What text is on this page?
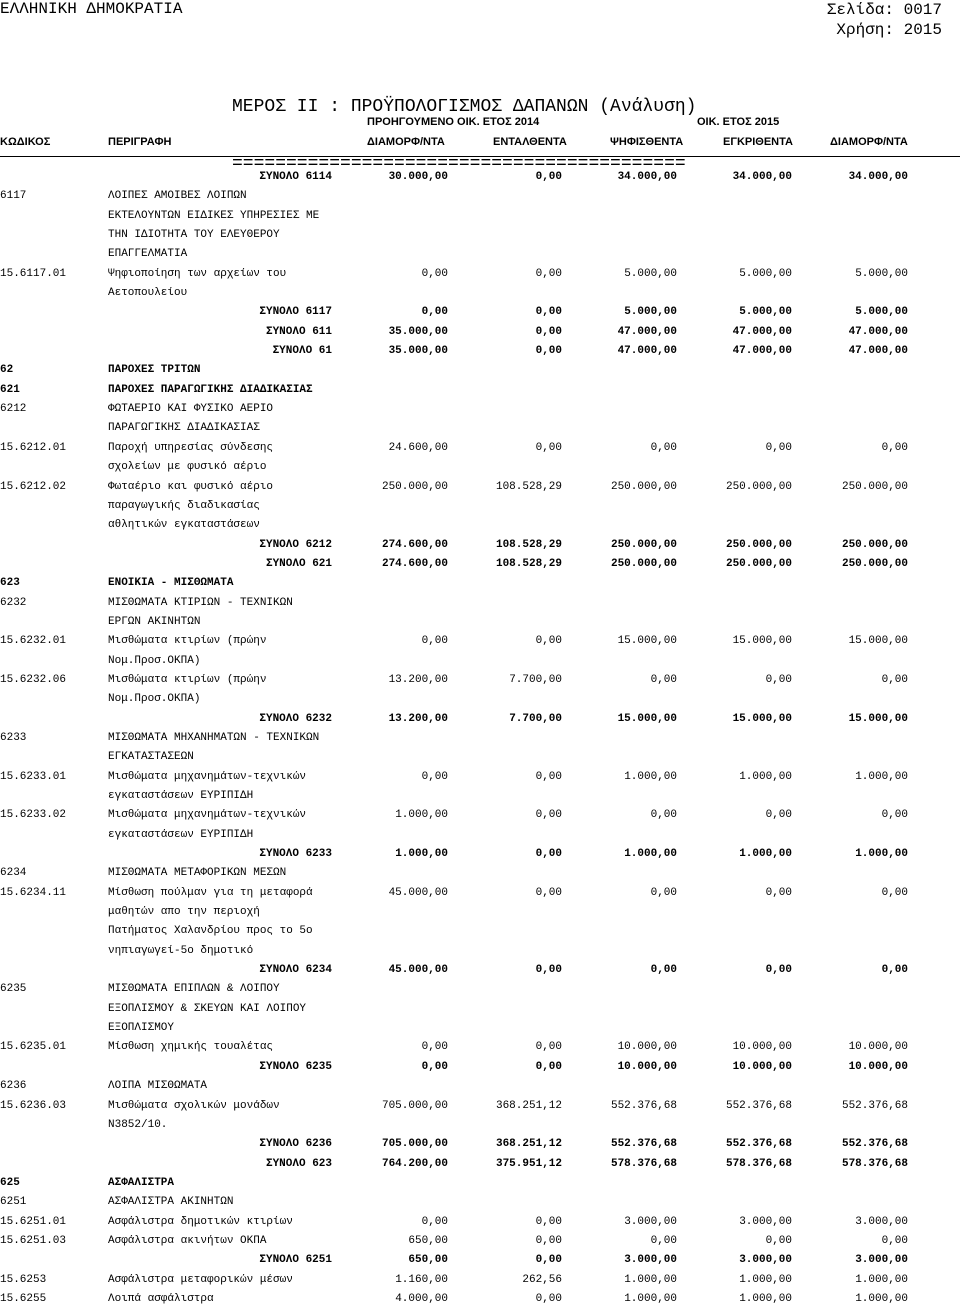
ΕΛΛΗΝΙΚΗ ΔΗΜΟΚΡΑΤΙΑ	Σελίδα: 0017
Χρήση: 2015

ΜΕΡΟΣ ΙΙ : ΠΡΟΫΠΟΛΟΓΙΣΜΟΣ ΔΑΠΑΝΩΝ (Ανάλυση)

==========================================

ΠΡΟΗΓΟΥΜΕΝΟ ΟΙΚ. ΕΤΟΣ 2014	ΟΙΚ. ΕΤΟΣ 2015
ΚΩΔΙΚΟΣ	ΠΕΡΙΓΡΑΦΗ	ΔΙΑΜΟΡΦ/ΝΤΑ	ΕΝΤΑΛΘΕΝΤΑ	ΨΗΦΙΣΘΕΝΤΑ	ΕΓΚΡΙΘΕΝΤΑ	ΔΙΑΜΟΡΦ/ΝΤΑ
ΣΥΝΟΛΟ 6114	30.000,00	0,00	34.000,00	34.000,00	34.000,00
6117	ΛΟΙΠΕΣ ΑΜΟΙΒΕΣ ΛΟΙΠΩΝ
ΕΚΤΕΛΟΥΝΤΩΝ ΕΙΔΙΚΕΣ ΥΠΗΡΕΣΙΕΣ ΜΕ
ΤΗΝ ΙΔΙΟΤΗΤΑ ΤΟΥ ΕΛΕΥΘΕΡΟΥ
ΕΠΑΓΓΕΛΜΑΤΙΑ
15.6117.01	Ψηφιοποίηση των αρχείων του	0,00	0,00	5.000,00	5.000,00	5.000,00
Αετοπουλείου
ΣΥΝΟΛΟ 6117	0,00	0,00	5.000,00	5.000,00	5.000,00
ΣΥΝΟΛΟ 611	35.000,00	0,00	47.000,00	47.000,00	47.000,00
ΣΥΝΟΛΟ 61	35.000,00	0,00	47.000,00	47.000,00	47.000,00
62	ΠΑΡΟΧΕΣ ΤΡΙΤΩΝ
621	ΠΑΡΟΧΕΣ ΠΑΡΑΓΩΓΙΚΗΣ ΔΙΑΔΙΚΑΣΙΑΣ
6212	ΦΩΤΑΕΡΙΟ ΚΑΙ ΦΥΣΙΚΟ ΑΕΡΙΟ
ΠΑΡΑΓΩΓΙΚΗΣ ΔΙΑΔΙΚΑΣΙΑΣ
15.6212.01	Παροχή υπηρεσίας σύνδεσης	24.600,00	0,00	0,00	0,00	0,00
σχολείων με φυσικό αέριο
15.6212.02	Φωταέριο και φυσικό αέριο	250.000,00	108.528,29	250.000,00	250.000,00	250.000,00
παραγωγικής διαδικασίας
αθλητικών εγκαταστάσεων
ΣΥΝΟΛΟ 6212	274.600,00	108.528,29	250.000,00	250.000,00	250.000,00
ΣΥΝΟΛΟ 621	274.600,00	108.528,29	250.000,00	250.000,00	250.000,00
623	ΕΝΟΙΚΙΑ - ΜΙΣΘΩΜΑΤΑ
6232	ΜΙΣΘΩΜΑΤΑ ΚΤΙΡΙΩΝ - ΤΕΧΝΙΚΩΝ
ΕΡΓΩΝ ΑΚΙΝΗΤΩΝ
15.6232.01	Μισθώματα κτιρίων (πρώην	0,00	0,00	15.000,00	15.000,00	15.000,00
Νομ.Προσ.ΟΚΠΑ)
15.6232.06	Μισθώματα κτιρίων (πρώην	13.200,00	7.700,00	0,00	0,00	0,00
Νομ.Προσ.ΟΚΠΑ)
ΣΥΝΟΛΟ 6232	13.200,00	7.700,00	15.000,00	15.000,00	15.000,00
6233	ΜΙΣΘΩΜΑΤΑ ΜΗΧΑΝΗΜΑΤΩΝ - ΤΕΧΝΙΚΩΝ
ΕΓΚΑΤΑΣΤΑΣΕΩΝ
15.6233.01	Μισθώματα μηχανημάτων-τεχνικών	0,00	0,00	1.000,00	1.000,00	1.000,00
εγκαταστάσεων ΕΥΡΙΠΙΔΗ
15.6233.02	Μισθώματα μηχανημάτων-τεχνικών	1.000,00	0,00	0,00	0,00	0,00
εγκαταστάσεων ΕΥΡΙΠΙΔΗ
ΣΥΝΟΛΟ 6233	1.000,00	0,00	1.000,00	1.000,00	1.000,00
6234	ΜΙΣΘΩΜΑΤΑ ΜΕΤΑΦΟΡΙΚΩΝ ΜΕΣΩΝ
15.6234.11	Μίσθωση πούλμαν για τη μεταφορά	45.000,00	0,00	0,00	0,00	0,00
μαθητών απο την περιοχή
Πατήματος Χαλανδρίου προς το 5ο
νηπιαγωγεί-5ο δημοτικό
ΣΥΝΟΛΟ 6234	45.000,00	0,00	0,00	0,00	0,00
6235	ΜΙΣΘΩΜΑΤΑ ΕΠΙΠΛΩΝ & ΛΟΙΠΟΥ
ΕΞΟΠΛΙΣΜΟΥ & ΣΚΕΥΩΝ ΚΑΙ ΛΟΙΠΟΥ
ΕΞΟΠΛΙΣΜΟΥ
15.6235.01	Μίσθωση χημικής τουαλέτας	0,00	0,00	10.000,00	10.000,00	10.000,00
ΣΥΝΟΛΟ 6235	0,00	0,00	10.000,00	10.000,00	10.000,00
6236	ΛΟΙΠΑ ΜΙΣΘΩΜΑΤΑ
15.6236.03	Μισθώματα σχολικών μονάδων	705.000,00	368.251,12	552.376,68	552.376,68	552.376,68
Ν3852/10.
ΣΥΝΟΛΟ 6236	705.000,00	368.251,12	552.376,68	552.376,68	552.376,68
ΣΥΝΟΛΟ 623	764.200,00	375.951,12	578.376,68	578.376,68	578.376,68
625	ΑΣΦΑΛΙΣΤΡΑ
6251	ΑΣΦΑΛΙΣΤΡΑ ΑΚΙΝΗΤΩΝ
15.6251.01	Ασφάλιστρα δημοτικών κτιρίων	0,00	0,00	3.000,00	3.000,00	3.000,00
15.6251.03	Ασφάλιστρα ακινήτων ΟΚΠΑ	650,00	0,00	0,00	0,00	0,00
ΣΥΝΟΛΟ 6251	650,00	0,00	3.000,00	3.000,00	3.000,00
15.6253	Ασφάλιστρα μεταφορικών μέσων	1.160,00	262,56	1.000,00	1.000,00	1.000,00
15.6255	Λοιπά ασφάλιστρα	4.000,00	0,00	1.000,00	1.000,00	1.000,00
